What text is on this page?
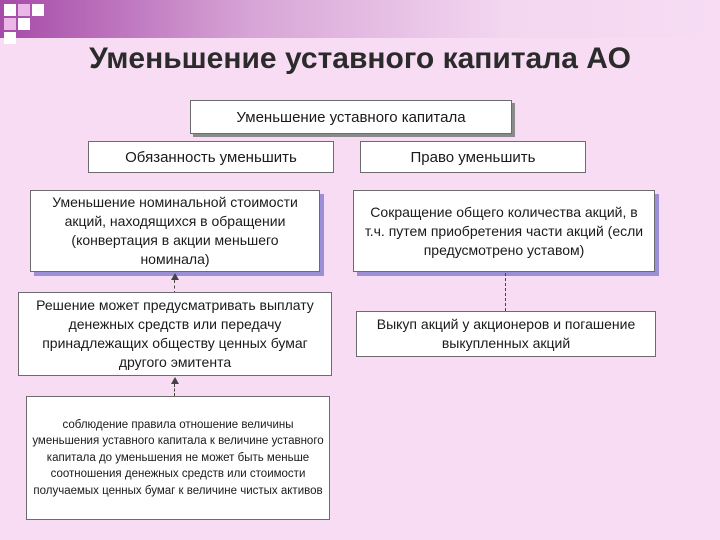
Уменьшение уставного капитала АО
Уменьшение уставного капитала
Обязанность уменьшить	Право уменьшить
Уменьшение номинальной стоимости акций, находящихся в обращении (конвертация в акции меньшего номинала)
Решение может предусматривать выплату денежных средств или передачу принадлежащих обществу ценных бумаг другого эмитента
соблюдение правила отношение величины уменьшения уставного капитала к величине уставного капитала до уменьшения не может быть меньше соотношения денежных средств или стоимости получаемых ценных бумаг к величине чистых активов
Сокращение общего количества акций, в т.ч. путем приобретения части акций (если предусмотрено уставом)
Выкуп акций у акционеров и погашение выкупленных акций
